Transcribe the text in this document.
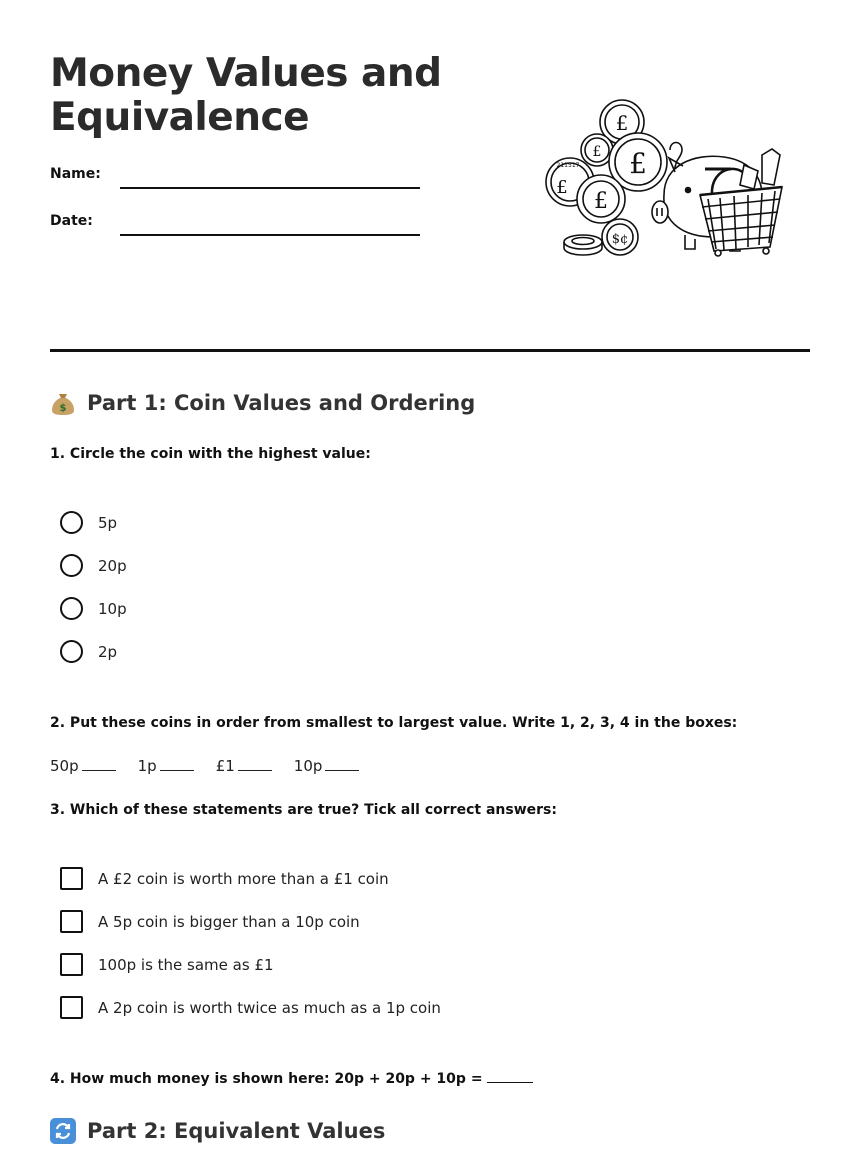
Money Values and Equivalence
Name:
Date:
£
£
211517
£
£
£
$¢
$ Part 1: Coin Values and Ordering
1. Circle the coin with the highest value:
5p
20p
10p
2p
2. Put these coins in order from smallest to largest value. Write 1, 2, 3, 4 in the boxes:
50p	1p	£1	10p
3. Which of these statements are true? Tick all correct answers:
A £2 coin is worth more than a £1 coin
A 5p coin is bigger than a 10p coin
100p is the same as £1
A 2p coin is worth twice as much as a 1p coin
4. How much money is shown here: 20p + 20p + 10p =
Part 2: Equivalent Values
